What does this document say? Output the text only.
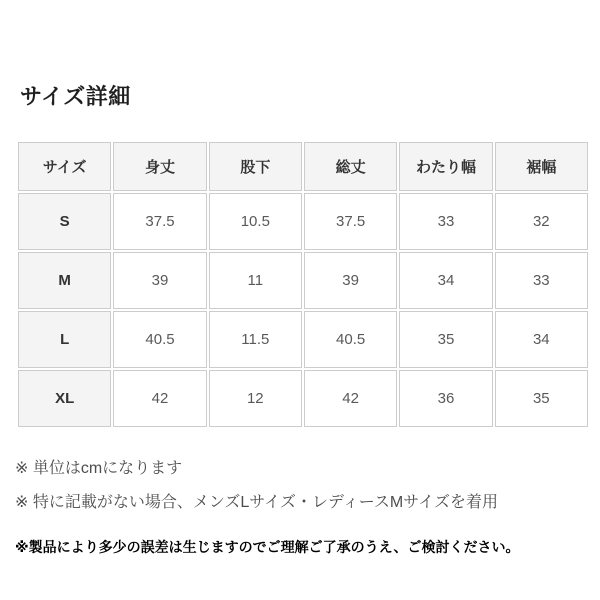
サイズ詳細
サイズ	身丈	股下	総丈	わたり幅	裾幅
S	37.5	10.5	37.5	33	32
M	39	11	39	34	33
L	40.5	11.5	40.5	35	34
XL	42	12	42	36	35

※ 単位はcmになります

※ 特に記載がない場合、メンズLサイズ・レディースMサイズを着用

※製品により多少の誤差は生じますのでご理解ご了承のうえ、ご検討ください。
